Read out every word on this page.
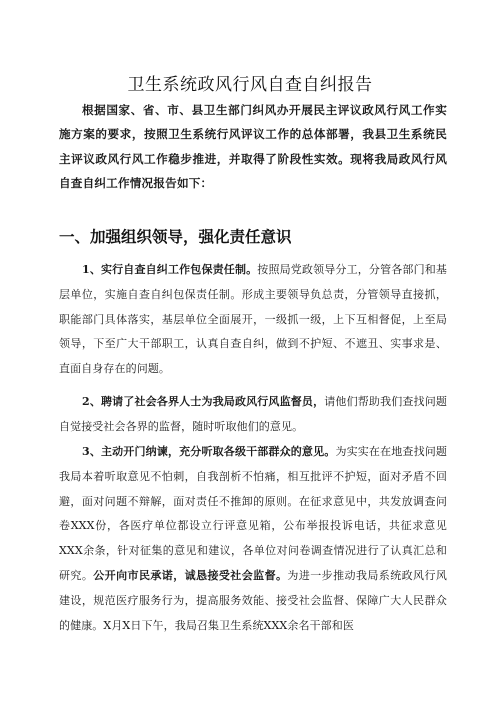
卫生系统政风行风自查自纠报告

根据国家、省、市、县卫生部门纠风办开展民主评议政风行风工作实施方案的要求，按照卫生系统行风评议工作的总体部署，我县卫生系统民主评议政风行风工作稳步推进，并取得了阶段性实效。现将我局政风行风自查自纠工作情况报告如下：

一、加强组织领导，强化责任意识

1、实行自查自纠工作包保责任制。按照局党政领导分工，分管各部门和基层单位，实施自查自纠包保责任制。形成主要领导负总责，分管领导直接抓，职能部门具体落实，基层单位全面展开，一级抓一级，上下互相督促，上至局领导，下至广大干部职工，认真自查自纠，做到不护短、不遮丑、实事求是、直面自身存在的问题。

2、聘请了社会各界人士为我局政风行风监督员，请他们帮助我们查找问题自觉接受社会各界的监督，随时听取他们的意见。

3、主动开门纳谏，充分听取各级干部群众的意见。为实实在在地查找问题我局本着听取意见不怕刺，自我剖析不怕痛，相互批评不护短，面对矛盾不回避，面对问题不辩解，面对责任不推卸的原则。在征求意见中，共发放调查问卷XXX份，各医疗单位都设立行评意见箱，公布举报投诉电话，共征求意见XXX余条，针对征集的意见和建议，各单位对问卷调查情况进行了认真汇总和研究。公开向市民承诺，诚恳接受社会监督。为进一步推动我局系统政风行风建设，规范医疗服务行为，提高服务效能、接受社会监督、保障广大人民群众的健康。X月X日下午，我局召集卫生系统XXX余名干部和医
